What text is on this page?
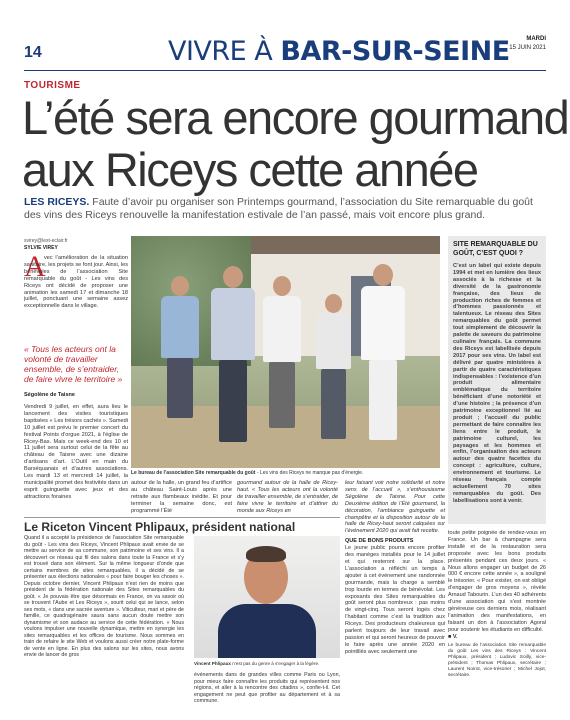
14	VIVRE À BAR-SUR-SEINE	MARDI
15 JUIN 2021
TOURISME
L’été sera encore gourmand
aux Riceys cette année
LES RICEYS. Faute d’avoir pu organiser son Printemps gourmand, l’association du Site remarquable du goût des vins des Riceys renouvelle la manifestation estivale de l’an passé, mais voit encore plus grand.
svirey@lest-eclair.fr
SYLVIE VIREY
A
vec l’amélioration de la situation sanitaire, les projets se font jour. Ainsi, les bénévoles de l’association Site remarquable du goût - Les vins des Riceys ont décidé de proposer une animation les samedi 17 et dimanche 18 juillet, ponctuant une semaine assez exceptionnelle dans le village.
« Tous les acteurs ont la volonté de travailler ensemble, de s’entraider, de faire vivre le territoire »
Ségolène de Taisne
Vendredi 9 juillet, en effet, aura lieu le lancement des visites touristiques baptisées « Les trésors cachés ». Samedi 10 juillet est prévu le premier concert du festival Points d’orgue 2021, à l’église de Ricey-Bas. Mais ce week-end des 10 et 11 juillet sera surtout celui de la fête au château de Taisne avec une dizaine d’artisans d’art. L’Outil en main du Barséquanais et d’autres associations. Les mardi 13 et mercredi 14 juillet, la municipalité promet des festivités dans un esprit guinguette avec jeux et des attractions foraines
Le bureau de l’association Site remarquable du goût - Les vins des Riceys ne manque pas d’énergie.
autour de la halle, un grand feu d’artifice au château Saint-Louis après une retraite aux flambeaux inédite. Et pour terminer la semaine donc, est programmé l’Été
gourmand autour de la halle de Ricey-haut. « Tous les acteurs ont la volonté de travailler ensemble, de s’entraider, de faire vivre le territoire et d’attirer du monde aux Riceys en
SITE REMARQUABLE DU GOÛT, C’EST QUOI ?
C’est un label qui existe depuis 1994 et met en lumière des lieux associés à la richesse et la diversité de la gastronomie française, des lieux de production riches de femmes et d’hommes passionnés et talentueux. Le réseau des Sites remarquables du goût permet tout simplement de découvrir la palette de saveurs du patrimoine culinaire français. La commune des Riceys est labellisée depuis 2017 pour ses vins. Un label est délivré par quatre ministères à partir de quatre caractéristiques indispensables : l’existence d’un produit alimentaire emblématique du territoire bénéficiant d’une notoriété et d’une histoire ; la présence d’un patrimoine exceptionnel lié au produit ; l’accueil du public permettant de faire connaître les liens entre le produit, le patrimoine culturel, les paysages et les hommes et enfin, l’organisation des acteurs autour des quatre facettes du concept : agriculture, culture, environnement et tourisme. Le réseau français compte actuellement 70 sites remarquables du goût. Des labellisations sont à venir.
Le Riceton Vincent Phlipaux, président national
Quand il a accepté la présidence de l’association Site remarquable du goût - Les vins des Riceys, Vincent Phlipaux avait envie de se mettre au service de sa commune, son patrimoine et ses vins. Il a découvert ce réseau qui fil des salons dans toute la France et s’y est trouvé dans son élément. Sur la même longueur d’onde que certains membres de sites remarquables, il a décidé de se présenter aux élections nationales « pour faire bouger les choses ». Depuis octobre dernier, Vincent Phlipaux n’est rien de moins que président de la fédération nationale des Sites remarquables du goût. « Je pouvais être que désormais en France, on va savoir où se trouvent l’Aube et Les Riceys », sourit celui qui se lance, selon ses mots, « dans une sacrée aventure ». Viticulteur, mari et père de famille, ce quadragénaire saura sans aucun doute mettre son dynamisme et son audace au service de cette fédération. « Nous voulons impulser une nouvelle dynamique, mettre en synergie les sites remarquables et les offices de tourisme. Nous sommes en train de refaire le site Web et voulons aussi créer notre plate-forme de vente en ligne. En plus des salons sur les sites, nous avons envie de lancer de gros
Vincent Phlipaux n’est pas du genre à s’engager à la légère.
événements dans de grandes villes comme Paris ou Lyon, pour mieux faire connaître les produits qui représentent nos régions, et aller à la rencontre des citadins », confie-t-il. Cet engagement ne peut que profiter au département et à sa commune.

leur faisant voir notre solidarité et notre sens de l’accueil », s’enthousiasme Ségolène de Taisne. Pour cette Deuxième édition de l’Été gourmand, la décoration, l’ambiance guinguette et champêtre et la disposition autour de la halle de Ricey-haut seront calquées sur l’événement 2020 qui avait fait recette.

QUE DE BONS PRODUITS

Le jeune public pourra encore profiter des manèges installés pour le 14 juillet et qui resteront sur la place. L’association a réfléchi un temps à ajouter à cet événement une randonnée gourmande, mais la charge a semblé trop lourde en termes de bénévolat. Les exposants des Sites remarquables du goût seront plus nombreux : pas moins de vingt-cinq. Tous seront logés chez l’habitant comme c’est la tradition aux Riceys. Des producteurs chaleureux qui parlent toujours de leur travail avec passion et qui seront heureux de pouvoir le faire après une année 2020 en pointillés avec seulement une

toute petite poignée de rendez-vous en France. Un bar à champagne sera installé et de la restauration sera proposée avec les bons produits présentés pendant ces deux jours. « Nous allons engager un budget de 26 000 € encore cette année », a souligné le trésorier. « Pour exister, on est obligé d’engager de gros moyens », révèle Arnaud Tabourin. L’un des 40 adhérents d’une association qui s’est montrée généreuse ces derniers mois, réalisant l’animation des manifestations, en faisant un don à l’association Agoral pour soutenir les étudiants en difficulté.

■ V.

Le bureau de l’association Site remarquable du goût Les vins des Riceys : Vincent Phlipaux, président ; Ludovic Soilly, vice-président ; Thomas Phlipaux, secrétaire ; Laurent Noirot, vice-trésorier ; Michel Jojot, secrétaire.
